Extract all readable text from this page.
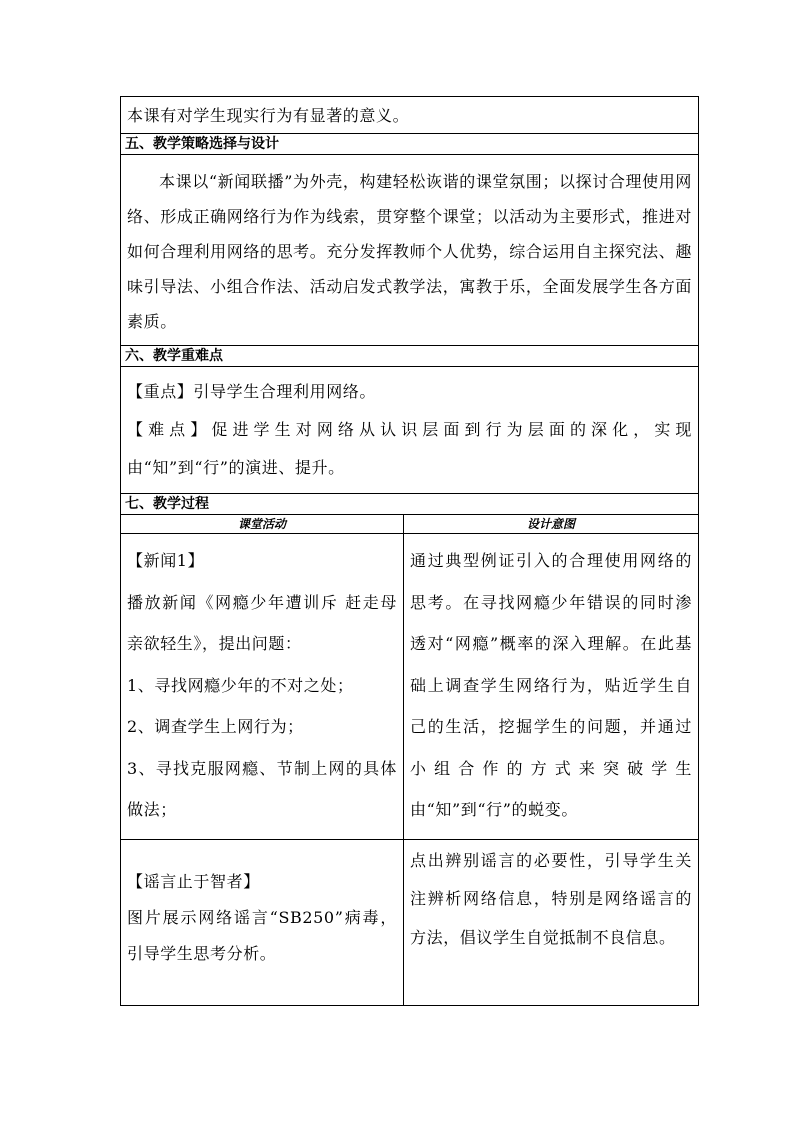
本课有对学生现实行为有显著的意义。	

五、教学策略选择与设计	

本课以“新闻联播”为外壳，构建轻松诙谐的课堂氛围；以探讨合理使用网络、形成正确网络行为作为线索，贯穿整个课堂；以活动为主要形式，推进对如何合理利用网络的思考。充分发挥教师个人优势，综合运用自主探究法、趣味引导法、小组合作法、活动启发式教学法，寓教于乐，全面发展学生各方面素质。	

六、教学重难点	

【重点】引导学生合理利用网络。

【难点】促进学生对网络从认识层面到行为层面的深化，实现由“知”到“行”的演进、提升。	

七、教学过程	
课堂活动	设计意图

【新闻1】

播放新闻《网瘾少年遭训斥 赶走母亲欲轻生》，提出问题：

1、寻找网瘾少年的不对之处；

2、调查学生上网行为；

3、寻找克服网瘾、节制上网的具体做法；	通过典型例证引入的合理使用网络的思考。在寻找网瘾少年错误的同时渗透对“网瘾”概率的深入理解。在此基础上调查学生网络行为，贴近学生自己的生活，挖掘学生的问题，并通过小组合作的方式来突破学生由“知”到“行”的蜕变。

【谣言止于智者】

图片展示网络谣言“SB250”病毒，引导学生思考分析。	点出辨别谣言的必要性，引导学生关注辨析网络信息，特别是网络谣言的方法，倡议学生自觉抵制不良信息。
